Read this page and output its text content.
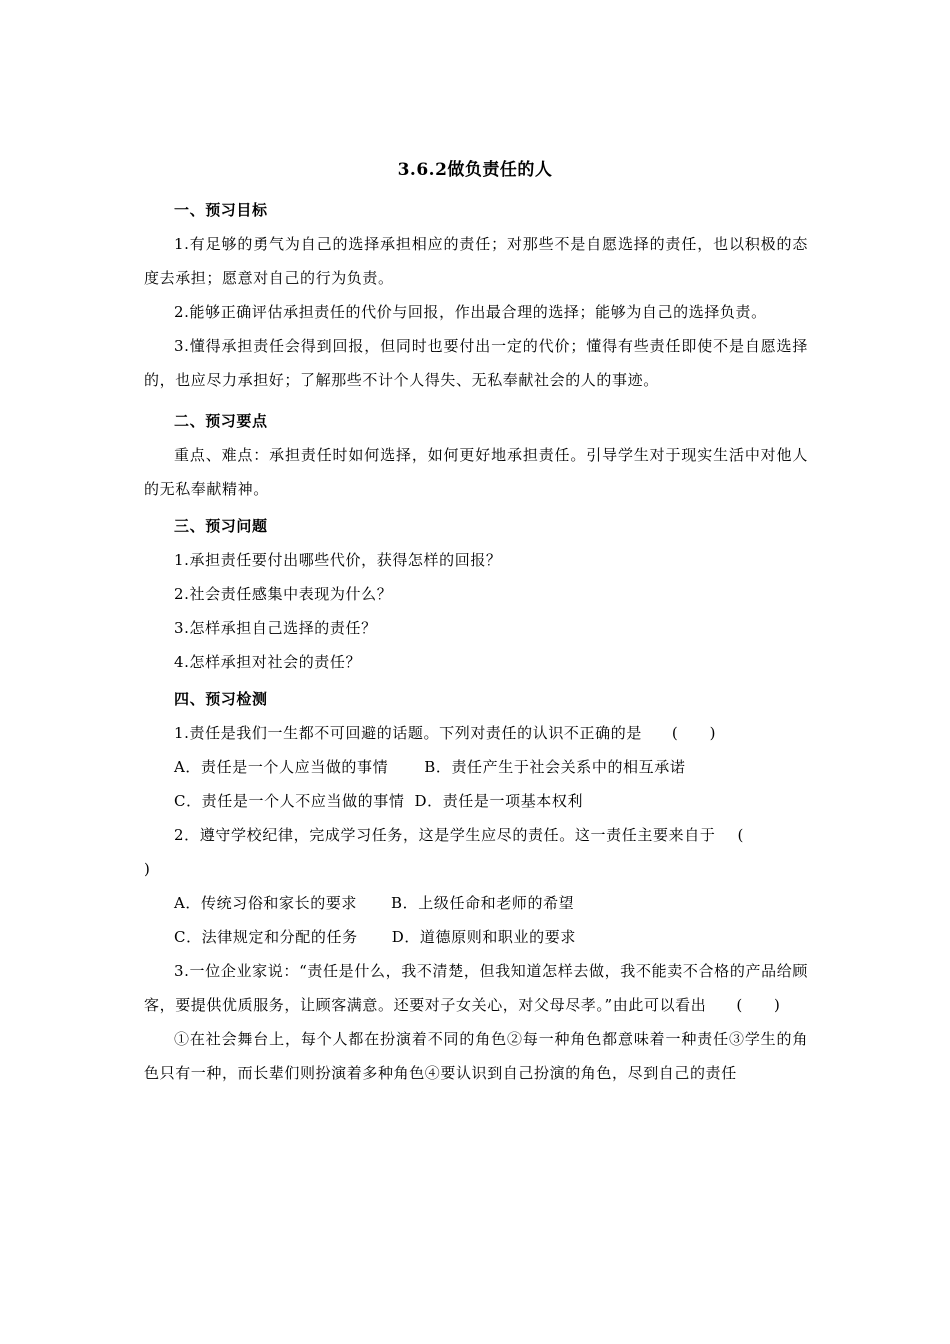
3.6.2做负责任的人
一、预习目标
1.有足够的勇气为自己的选择承担相应的责任；对那些不是自愿选择的责任，也以积极的态度去承担；愿意对自己的行为负责。
2.能够正确评估承担责任的代价与回报，作出最合理的选择；能够为自己的选择负责。
3.懂得承担责任会得到回报，但同时也要付出一定的代价；懂得有些责任即使不是自愿选择的，也应尽力承担好；了解那些不计个人得失、无私奉献社会的人的事迹。
二、预习要点
重点、难点：承担责任时如何选择，如何更好地承担责任。引导学生对于现实生活中对他人的无私奉献精神。
三、预习问题
1.承担责任要付出哪些代价，获得怎样的回报？
2.社会责任感集中表现为什么？
3.怎样承担自己选择的责任？
4.怎样承担对社会的责任？
四、预习检测
1.责任是我们一生都不可回避的话题。下列对责任的认识不正确的是 (　　)
A．责任是一个人应当做的事情 B．责任产生于社会关系中的相互承诺
C．责任是一个人不应当做的事情 D．责任是一项基本权利
2．遵守学校纪律，完成学习任务，这是学生应尽的责任。这一责任主要来自于 ()
A．传统习俗和家长的要求 B．上级任命和老师的希望
C．法律规定和分配的任务 D．道德原则和职业的要求
3.一位企业家说：“责任是什么，我不清楚，但我知道怎样去做，我不能卖不合格的产品给顾客，要提供优质服务，让顾客满意。还要对子女关心，对父母尽孝。”由此可以看出 (　　)
①在社会舞台上，每个人都在扮演着不同的角色②每一种角色都意味着一种责任③学生的角色只有一种，而长辈们则扮演着多种角色④要认识到自己扮演的角色，尽到自己的责任
